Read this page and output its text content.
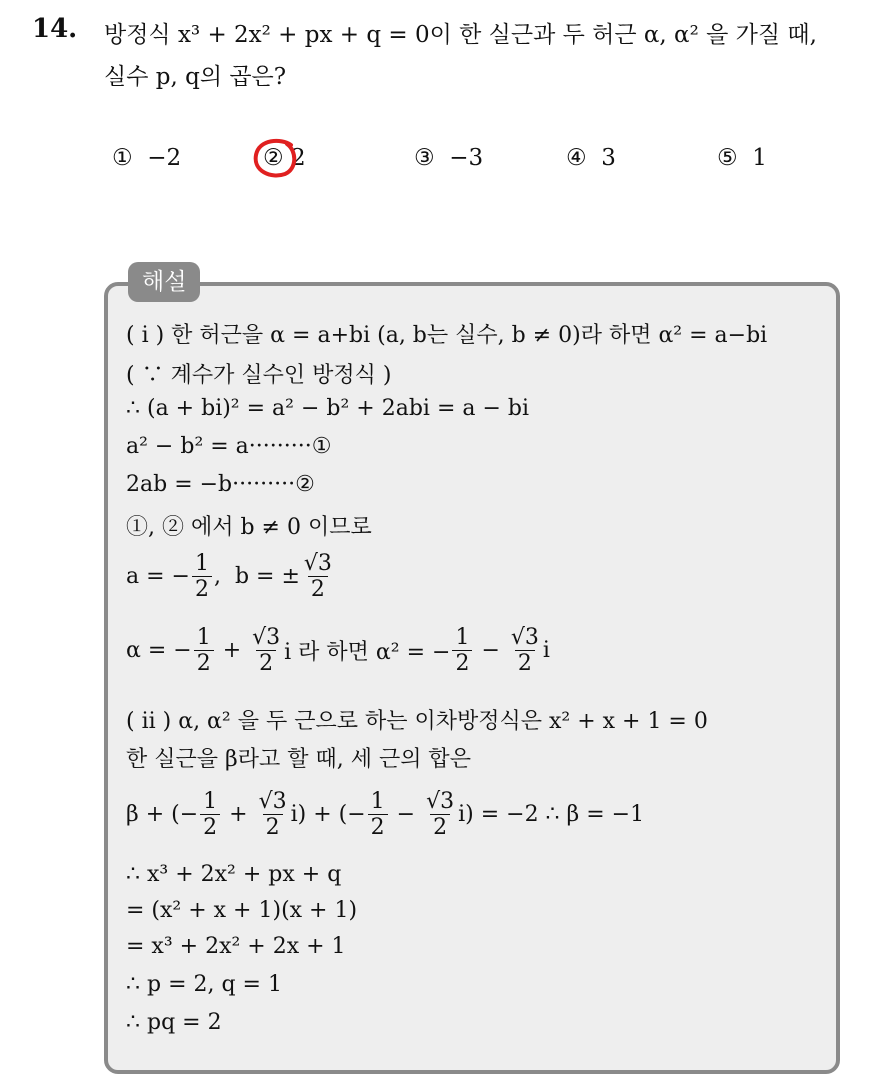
14. 방정식 x³ + 2x² + px + q = 0이 한 실근과 두 허근 α, α² 을 가질 때,
실수 p, q의 곱은?
① −2	② 2	③ −3	④ 3	⑤ 1
해설
( i ) 한 허근을 α = a+bi (a, b는 실수, b ≠ 0)라 하면 α² = a−bi
( ∵ 계수가 실수인 방정식 )
∴ (a + bi)² = a² − b² + 2abi = a − bi
a² − b² = a·········①
2ab = −b·········②
①, ② 에서 b ≠ 0 이므로
a = − $\frac{1}{2}$ ,  b = ± $\frac{√3}{2}$
α = − $\frac{1}{2} + \frac{√3}{2}$ i 라 하면 α² = − $\frac{1}{2} - \frac{√3}{2}$ i
( ii ) α, α² 을 두 근으로 하는 이차방정식은 x² + x + 1 = 0
한 실근을 β라고 할 때, 세 근의 합은
β + (− $\frac{1}{2} + \frac{√3}{2} i$) + (− $\frac{1}{2} - \frac{√3}{2} i) = -2$ ∴ β = −1
∴ x³ + 2x² + px + q
= (x² + x + 1)(x + 1)
= x³ + 2x² + 2x + 1
∴ p = 2, q = 1
∴ pq = 2
